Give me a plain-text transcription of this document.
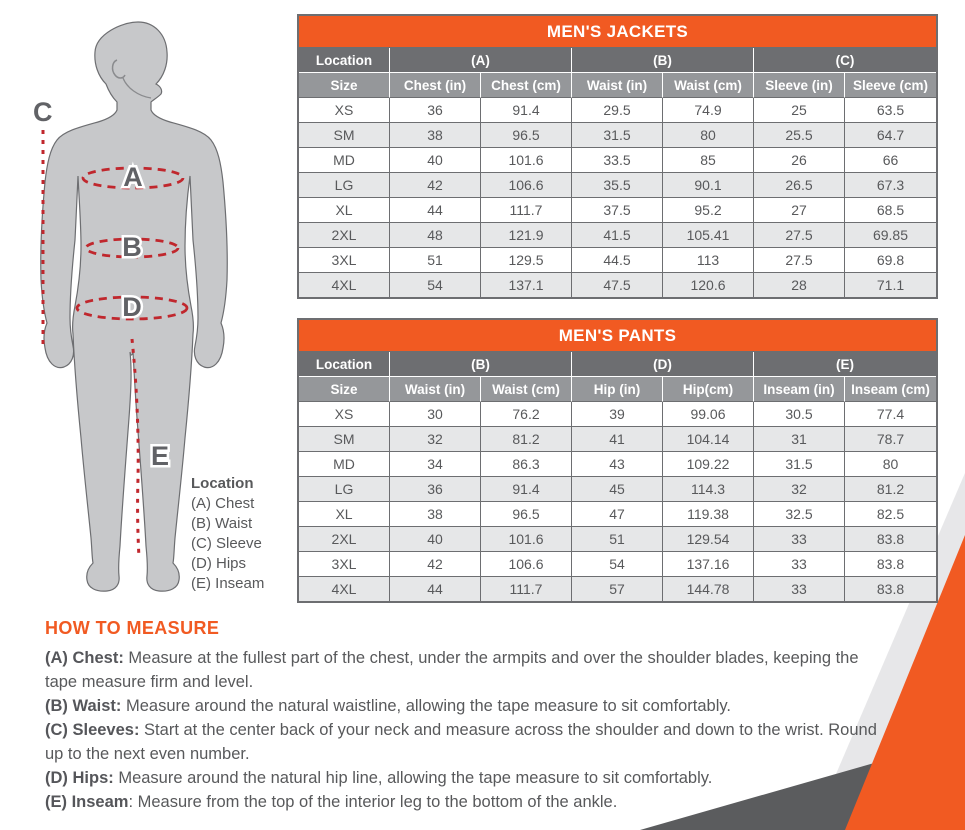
C
A
B
D
E
Location
(A) Chest
(B) Waist
(C) Sleeve
(D) Hips
(E) Inseam
MEN'S JACKETS						
Location	(A)		(B)		(C)	
Size	Chest (in)	Chest (cm)	Waist (in)	Waist (cm)	Sleeve (in)	Sleeve (cm)
XS	36	91.4	29.5	74.9	25	63.5
SM	38	96.5	31.5	80	25.5	64.7
MD	40	101.6	33.5	85	26	66
LG	42	106.6	35.5	90.1	26.5	67.3
XL	44	111.7	37.5	95.2	27	68.5
2XL	48	121.9	41.5	105.41	27.5	69.85
3XL	51	129.5	44.5	113	27.5	69.8
4XL	54	137.1	47.5	120.6	28	71.1
MEN'S PANTS						
Location	(B)		(D)		(E)	
Size	Waist (in)	Waist (cm)	Hip (in)	Hip(cm)	Inseam (in)	Inseam (cm)
XS	30	76.2	39	99.06	30.5	77.4
SM	32	81.2	41	104.14	31	78.7
MD	34	86.3	43	109.22	31.5	80
LG	36	91.4	45	114.3	32	81.2
XL	38	96.5	47	119.38	32.5	82.5
2XL	40	101.6	51	129.54	33	83.8
3XL	42	106.6	54	137.16	33	83.8
4XL	44	111.7	57	144.78	33	83.8
HOW TO MEASURE
(A) Chest: Measure at the fullest part of the chest, under the armpits and over the shoulder blades, keeping the tape measure firm and level.
(B) Waist: Measure around the natural waistline, allowing the tape measure to sit comfortably.
(C) Sleeves: Start at the center back of your neck and measure across the shoulder and down to the wrist. Round up to the next even number.
(D) Hips: Measure around the natural hip line, allowing the tape measure to sit comfortably.
(E) Inseam: Measure from the top of the interior leg to the bottom of the ankle.
